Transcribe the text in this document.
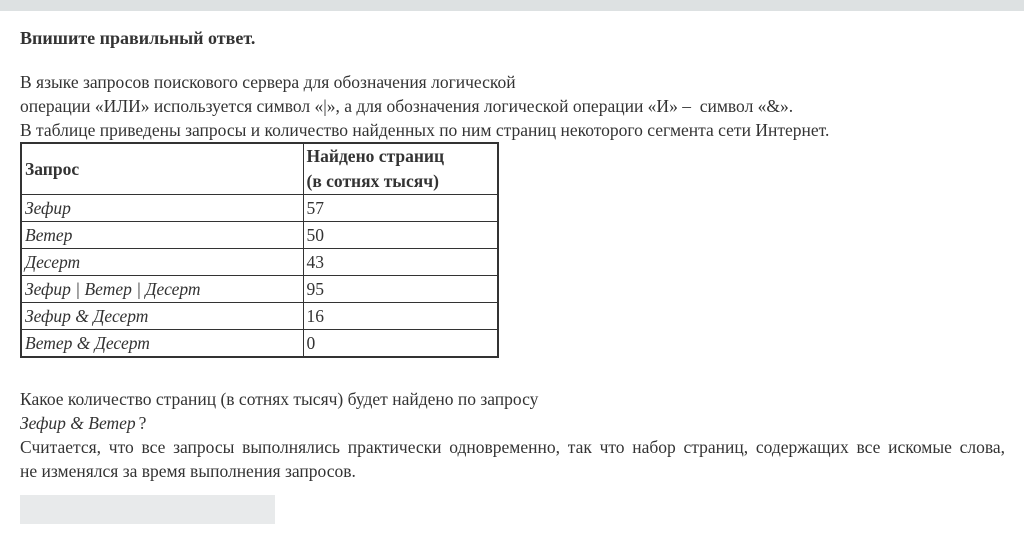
Впишите правильный ответ.
В языке запросов поискового сервера для обозначения логической
операции «ИЛИ» используется символ «|», а для обозначения логической операции «И» –  символ «&».
В таблице приведены запросы и количество найденных по ним страниц некоторого сегмента сети Интернет.
Запрос	Найдено страниц
(в сотнях тысяч)

Зефир	57
Ветер	50
Десерт	43
Зефир | Ветер | Десерт	95
Зефир & Десерт	16
Ветер & Десерт	0
Какое количество страниц (в сотнях тысяч) будет найдено по запросу
Зефир & Ветер ?
Считается, что все запросы выполнялись практически одновременно, так что набор страниц, содержащих все искомые слова,
не изменялся за время выполнения запросов.
